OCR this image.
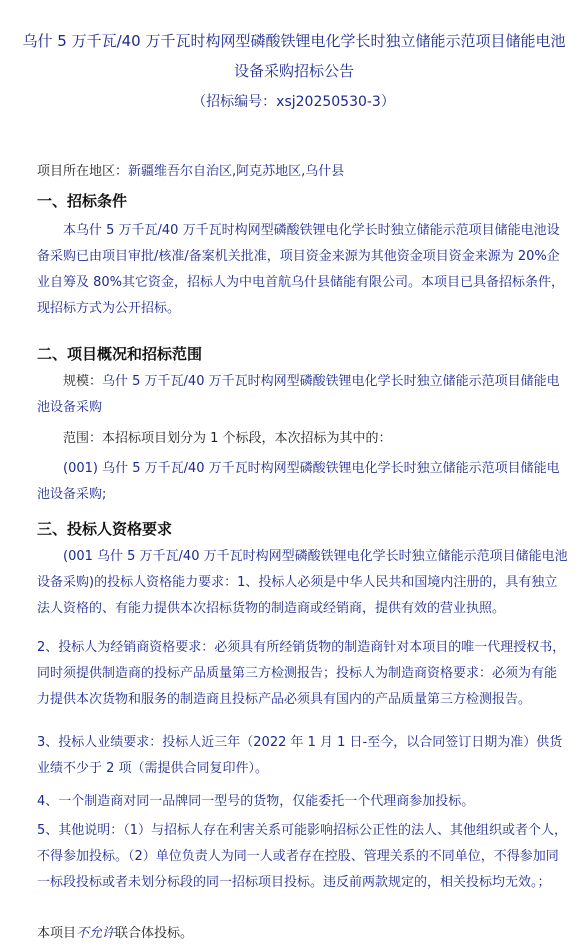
乌什 5 万千瓦/40 万千瓦时构网型磷酸铁锂电化学长时独立储能示范项目储能电池设备采购招标公告
（招标编号：xsj20250530-3）
项目所在地区：新疆维吾尔自治区,阿克苏地区,乌什县
一、招标条件
本乌什 5 万千瓦/40 万千瓦时构网型磷酸铁锂电化学长时独立储能示范项目储能电池设备采购已由项目审批/核准/备案机关批准，项目资金来源为其他资金项目资金来源为 20%企业自筹及 80%其它资金，招标人为中电首航乌什县储能有限公司。本项目已具备招标条件，现招标方式为公开招标。
二、项目概况和招标范围
规模：乌什 5 万千瓦/40 万千瓦时构网型磷酸铁锂电化学长时独立储能示范项目储能电池设备采购
范围：本招标项目划分为 1 个标段，本次招标为其中的：
(001) 乌什 5 万千瓦/40 万千瓦时构网型磷酸铁锂电化学长时独立储能示范项目储能电池设备采购;
三、投标人资格要求
(001 乌什 5 万千瓦/40 万千瓦时构网型磷酸铁锂电化学长时独立储能示范项目储能电池设备采购)的投标人资格能力要求：1、投标人必须是中华人民共和国境内注册的，具有独立法人资格的、有能力提供本次招标货物的制造商或经销商，提供有效的营业执照。
2、投标人为经销商资格要求：必须具有所经销货物的制造商针对本项目的唯一代理授权书，同时须提供制造商的投标产品质量第三方检测报告；投标人为制造商资格要求：必须为有能力提供本次货物和服务的制造商且投标产品必须具有国内的产品质量第三方检测报告。
3、投标人业绩要求：投标人近三年（2022 年 1 月 1 日-至今，以合同签订日期为准）供货业绩不少于 2 项（需提供合同复印件）。
4、一个制造商对同一品牌同一型号的货物，仅能委托一个代理商参加投标。
5、其他说明：（1）与招标人存在利害关系可能影响招标公正性的法人、其他组织或者个人，不得参加投标。（2）单位负责人为同一人或者存在控股、管理关系的不同单位，不得参加同一标段投标或者未划分标段的同一招标项目投标。违反前两款规定的，相关投标均无效。；
本项目不允许联合体投标。
